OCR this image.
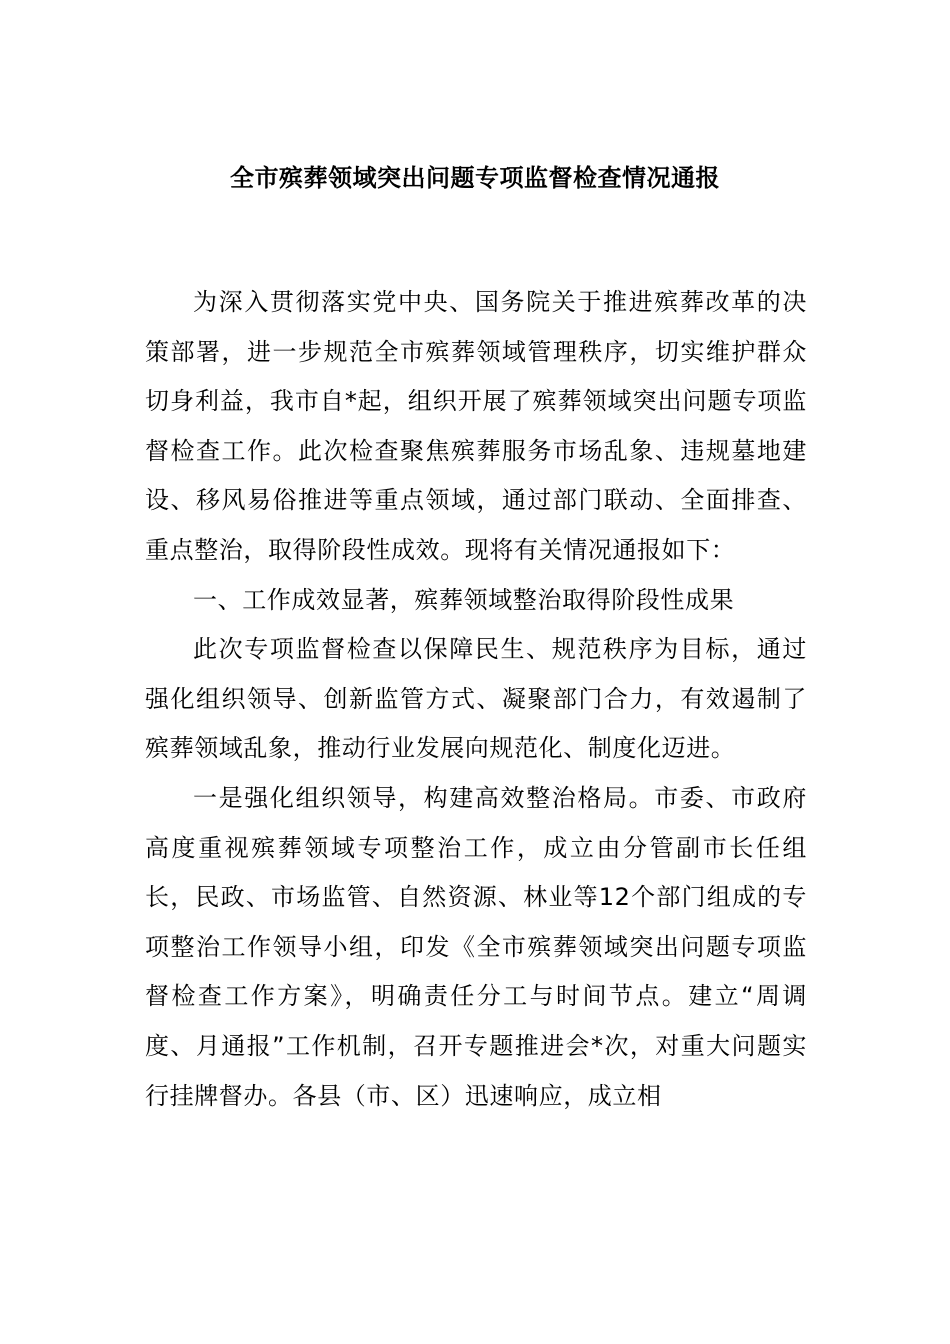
全市殡葬领域突出问题专项监督检查情况通报

为深入贯彻落实党中央、国务院关于推进殡葬改革的决策部署，进一步规范全市殡葬领域管理秩序，切实维护群众切身利益，我市自*起，组织开展了殡葬领域突出问题专项监督检查工作。此次检查聚焦殡葬服务市场乱象、违规墓地建设、移风易俗推进等重点领域，通过部门联动、全面排查、重点整治，取得阶段性成效。现将有关情况通报如下：

一、工作成效显著，殡葬领域整治取得阶段性成果

此次专项监督检查以保障民生、规范秩序为目标，通过强化组织领导、创新监管方式、凝聚部门合力，有效遏制了殡葬领域乱象，推动行业发展向规范化、制度化迈进。

一是强化组织领导，构建高效整治格局。市委、市政府高度重视殡葬领域专项整治工作，成立由分管副市长任组长，民政、市场监管、自然资源、林业等12个部门组成的专项整治工作领导小组，印发《全市殡葬领域突出问题专项监督检查工作方案》，明确责任分工与时间节点。建立“周调度、月通报”工作机制，召开专题推进会*次，对重大问题实行挂牌督办。各县（市、区）迅速响应，成立相
